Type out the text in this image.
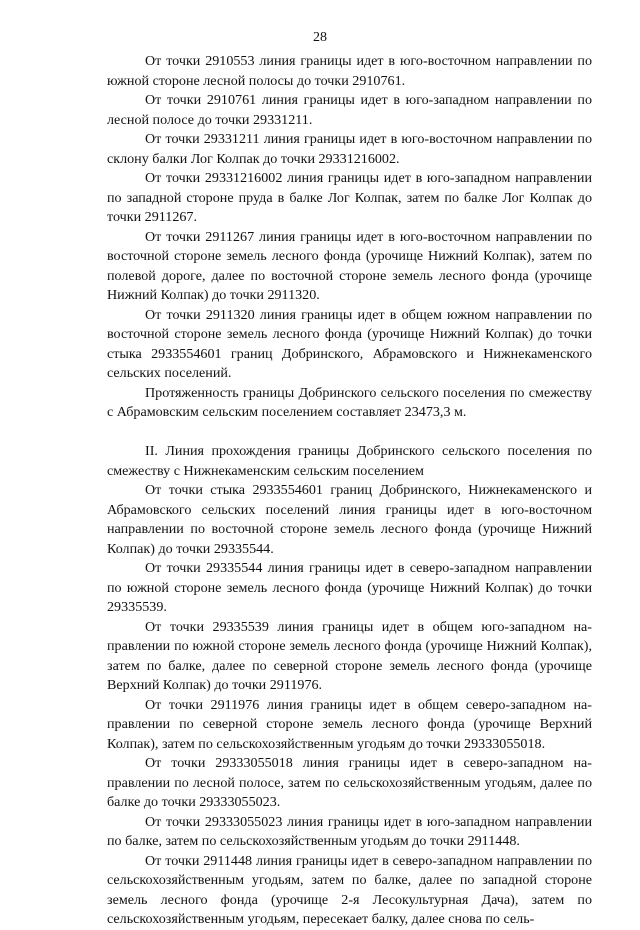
28

От точки 2910553 линия границы идет в юго-восточном направлении по южной стороне лесной полосы до точки 2910761.

От точки 2910761 линия границы идет в юго-западном направлении по лесной полосе до точки 29331211.

От точки 29331211 линия границы идет в юго-восточном направлении по склону балки Лог Колпак до точки 29331216002.

От точки 29331216002 линия границы идет в юго-западном направлении по западной стороне пруда в балке Лог Колпак, затем по балке Лог Колпак до точки 2911267.

От точки 2911267 линия границы идет в юго-восточном направлении по восточной стороне земель лесного фонда (урочище Нижний Колпак), затем по полевой дороге, далее по восточной стороне земель лесного фонда (урочище Нижний Колпак) до точки 2911320.

От точки 2911320 линия границы идет в общем южном направлении по восточной стороне земель лесного фонда (урочище Нижний Колпак) до точки стыка 2933554601 границ Добринского, Абрамовского и Нижнекаменского сельских поселений.

Протяженность границы Добринского сельского поселения по смежеству с Абрамовским сельским поселением составляет 23473,3 м.

II. Линия прохождения границы Добринского сельского поселения по смежеству с Нижнекаменским сельским поселением

От точки стыка 2933554601 границ Добринского, Нижнекаменского и Абрамовского сельских поселений линия границы идет в юго-восточном направлении по восточной стороне земель лесного фонда (урочище Нижний Колпак) до точки 29335544.

От точки 29335544 линия границы идет в северо-западном направлении по южной стороне земель лесного фонда (урочище Нижний Колпак) до точки 29335539.

От точки 29335539 линия границы идет в общем юго-западном направлении по южной стороне земель лесного фонда (урочище Нижний Колпак), затем по балке, далее по северной стороне земель лесного фонда (урочище Верхний Колпак) до точки 2911976.

От точки 2911976 линия границы идет в общем северо-западном направлении по северной стороне земель лесного фонда (урочище Верхний Колпак), затем по сельскохозяйственным угодьям до точки 29333055018.

От точки 29333055018 линия границы идет в северо-западном направлении по лесной полосе, затем по сельскохозяйственным угодьям, далее по балке до точки 29333055023.

От точки 29333055023 линия границы идет в юго-западном направлении по балке, затем по сельскохозяйственным угодьям до точки 2911448.

От точки 2911448 линия границы идет в северо-западном направлении по сельскохозяйственным угодьям, затем по балке, далее по западной стороне земель лесного фонда (урочище 2-я Лесокультурная Дача), затем по сельскохозяйственным угодьям, пересекает балку, далее снова по сель-
